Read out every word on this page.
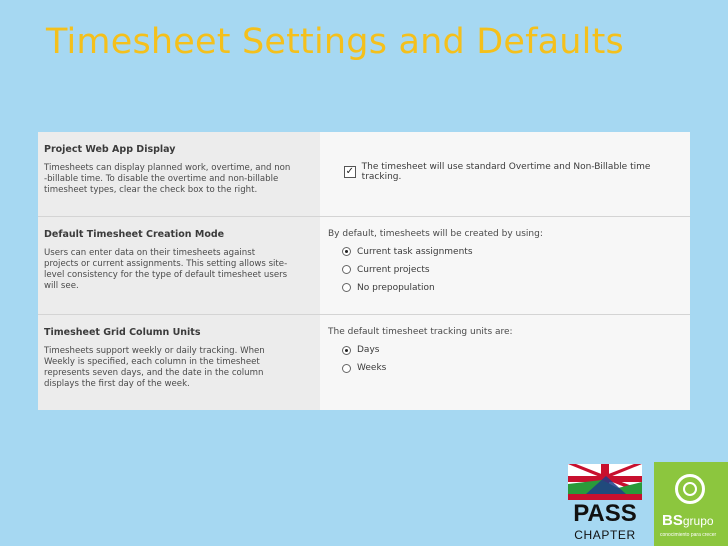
Timesheet Settings and Defaults
Project Web App Display
Timesheets can display planned work, overtime, and non
-billable time. To disable the overtime and non-billable
timesheet types, clear the check box to the right.
✓ The timesheet will use standard Overtime and Non-Billable time tracking.
Default Timesheet Creation Mode
Users can enter data on their timesheets against
projects or current assignments. This setting allows site-
level consistency for the type of default timesheet users
will see.
By default, timesheets will be created by using:
Current task assignments
Current projects
No prepopulation
Timesheet Grid Column Units
Timesheets support weekly or daily tracking. When
Weekly is specified, each column in the timesheet
represents seven days, and the date in the column
displays the first day of the week.
The default timesheet tracking units are:
Days
Weeks
PASS
CHAPTER
BSgrupo
conocimiento para crecer
